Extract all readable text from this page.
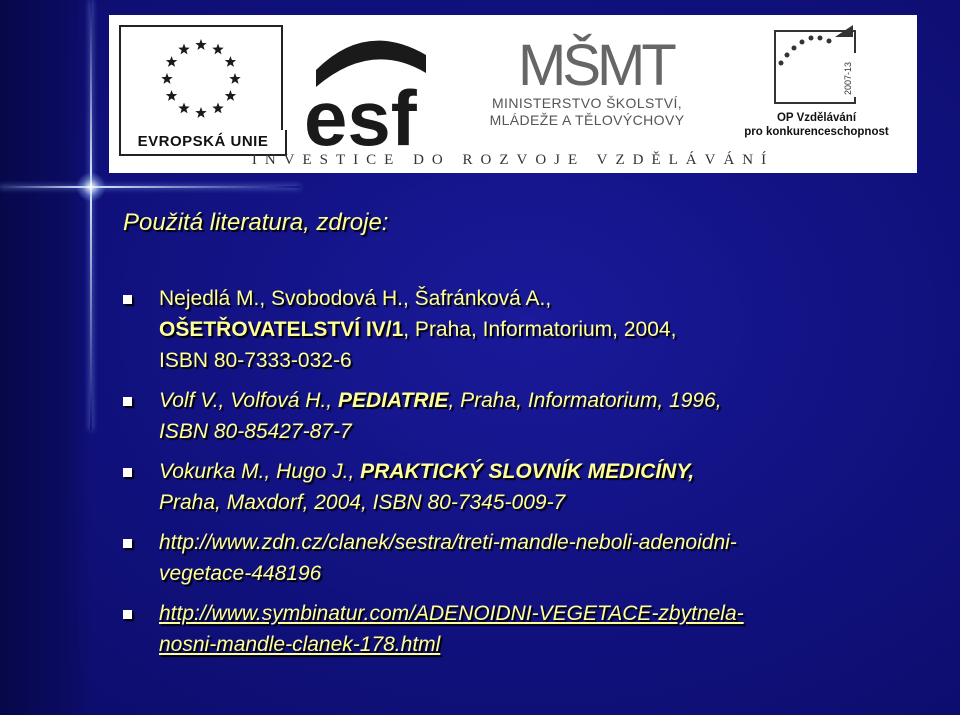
EVROPSKÁ UNIE esf
MŠMT
MINISTERSTVO ŠKOLSTVÍ,
MLÁDEŽE A TĚLOVÝCHOVY
2007-13
OP Vzdělávání
pro konkurenceschopnost
INVESTICE DO ROZVOJE VZDĚLÁVÁNÍ
Použitá literatura, zdroje:
Nejedlá M., Svobodová H., Šafránková A.,
OŠETŘOVATELSTVÍ IV/1, Praha, Informatorium, 2004,
ISBN 80-7333-032-6
Volf V., Volfová H., PEDIATRIE, Praha, Informatorium, 1996,
ISBN 80-85427-87-7
Vokurka M., Hugo J., PRAKTICKÝ SLOVNÍK MEDICÍNY,
Praha, Maxdorf, 2004, ISBN 80-7345-009-7
http://www.zdn.cz/clanek/sestra/treti-mandle-neboli-adenoidni-
vegetace-448196
http://www.symbinatur.com/ADENOIDNI-VEGETACE-zbytnela-
nosni-mandle-clanek-178.html
